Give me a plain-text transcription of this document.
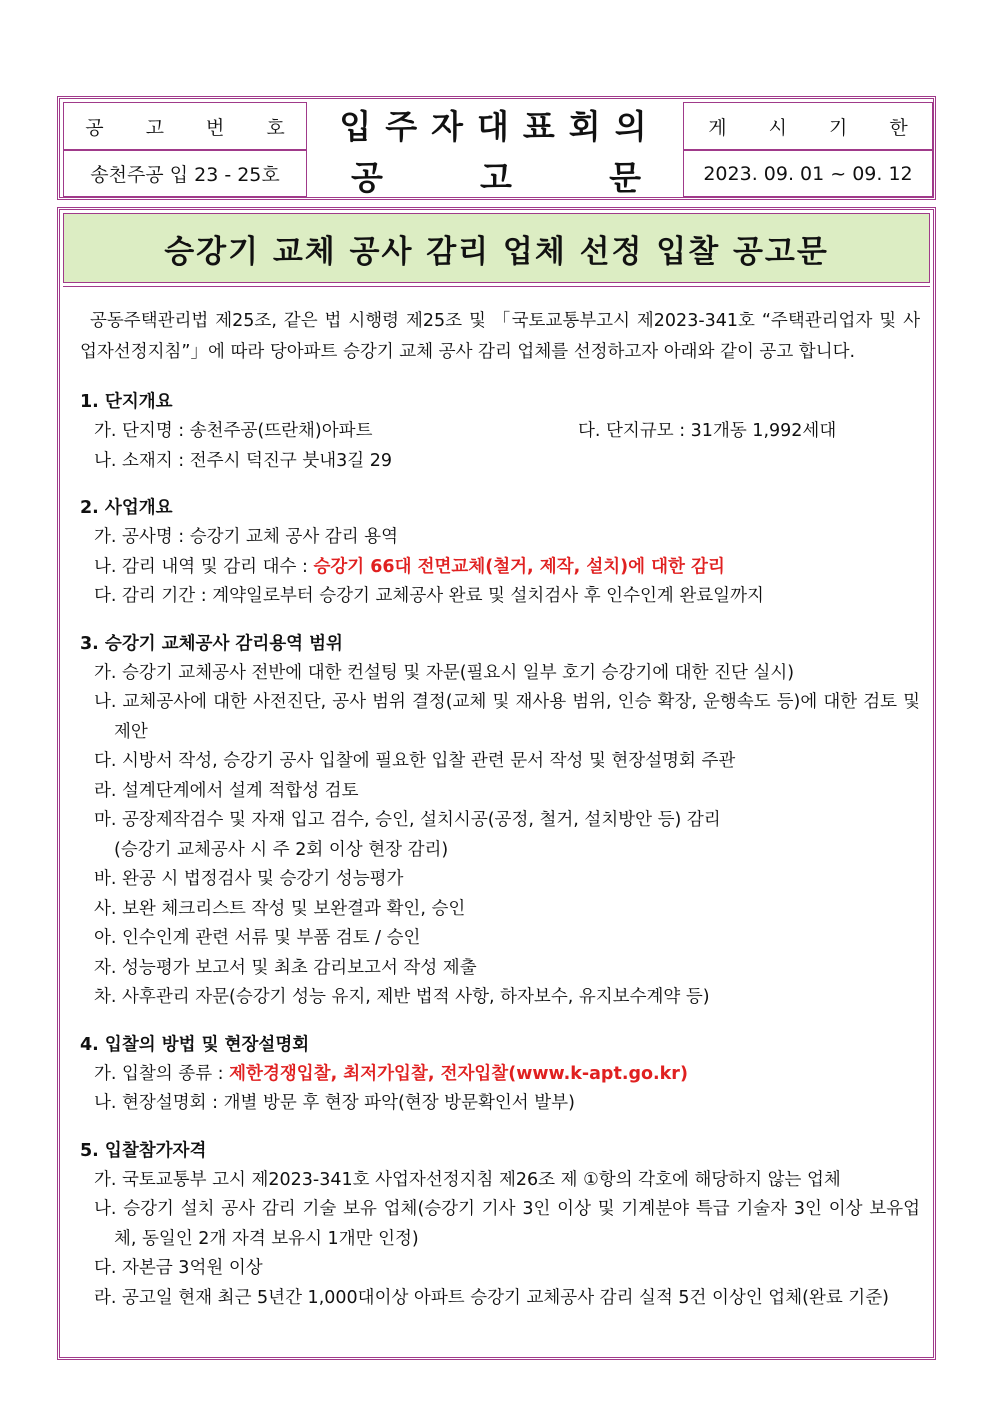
공 고 번 호
송천주공 입 23 - 25호
입주자대표회의
공	고	문
게 시 기 한
2023. 09. 01 ~ 09. 12
승강기 교체 공사 감리 업체 선정 입찰 공고문

공동주택관리법 제25조, 같은 법 시행령 제25조 및 「국토교통부고시 제2023-341호 “주택관리업자 및 사업자선정지침”」에 따라 당아파트 승강기 교체 공사 감리 업체를 선정하고자 아래와 같이 공고 합니다.

1. 단지개요
가. 단지명 : 송천주공(뜨란채)아파트	다. 단지규모 : 31개동 1,992세대
나. 소재지 : 전주시 덕진구 붓내3길 29
2. 사업개요
가. 공사명 : 승강기 교체 공사 감리 용역
나. 감리 내역 및 감리 대수 : 승강기 66대 전면교체(철거, 제작, 설치)에 대한 감리
다. 감리 기간 : 계약일로부터 승강기 교체공사 완료 및 설치검사 후 인수인계 완료일까지
3. 승강기 교체공사 감리용역 범위
가. 승강기 교체공사 전반에 대한 컨설팅 및 자문(필요시 일부 호기 승강기에 대한 진단 실시)
나. 교체공사에 대한 사전진단, 공사 범위 결정(교체 및 재사용 범위, 인승 확장, 운행속도 등)에 대한 검토 및 제안
다. 시방서 작성, 승강기 공사 입찰에 필요한 입찰 관련 문서 작성 및 현장설명회 주관
라. 설계단계에서 설계 적합성 검토
마. 공장제작검수 및 자재 입고 검수, 승인, 설치시공(공정, 철거, 설치방안 등) 감리
(승강기 교체공사 시 주 2회 이상 현장 감리)
바. 완공 시 법정검사 및 승강기 성능평가
사. 보완 체크리스트 작성 및 보완결과 확인, 승인
아. 인수인계 관련 서류 및 부품 검토 / 승인
자. 성능평가 보고서 및 최초 감리보고서 작성 제출
차. 사후관리 자문(승강기 성능 유지, 제반 법적 사항, 하자보수, 유지보수계약 등)
4. 입찰의 방법 및 현장설명회
가. 입찰의 종류 : 제한경쟁입찰, 최저가입찰, 전자입찰(www.k-apt.go.kr)
나. 현장설명회 : 개별 방문 후 현장 파악(현장 방문확인서 발부)
5. 입찰참가자격
가. 국토교통부 고시 제2023-341호 사업자선정지침 제26조 제 ①항의 각호에 해당하지 않는 업체
나. 승강기 설치 공사 감리 기술 보유 업체(승강기 기사 3인 이상 및 기계분야 특급 기술자 3인 이상 보유업체, 동일인 2개 자격 보유시 1개만 인정)
다. 자본금 3억원 이상
라. 공고일 현재 최근 5년간 1,000대이상 아파트 승강기 교체공사 감리 실적 5건 이상인 업체(완료 기준)
